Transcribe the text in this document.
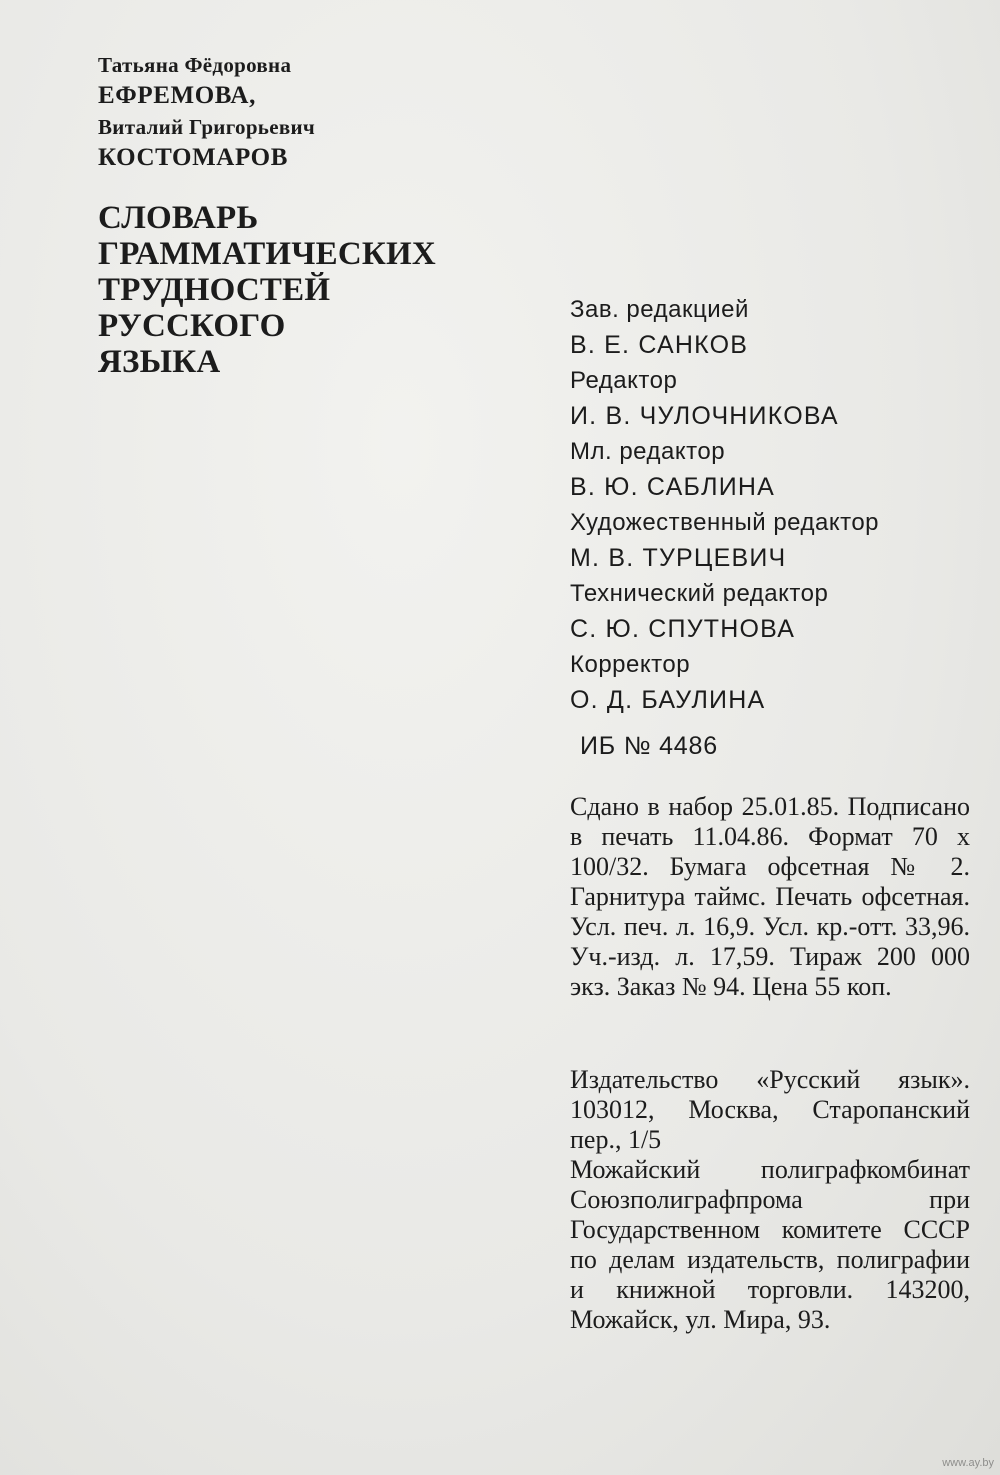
Татьяна Фёдоровна
ЕФРЕМОВА,
Виталий Григорьевич
КОСТОМАРОВ
СЛОВАРЬ
ГРАММАТИЧЕСКИХ
ТРУДНОСТЕЙ
РУССКОГО
ЯЗЫКА
Зав. редакцией
В. Е. САНКОВ
Редактор
И. В. ЧУЛОЧНИКОВА
Мл. редактор
В. Ю. САБЛИНА
Художественный редактор
М. В. ТУРЦЕВИЧ
Технический редактор
С. Ю. СПУТНОВА
Корректор
О. Д. БАУЛИНА
ИБ № 4486
Сдано в набор 25.01.85. Подписано в печать 11.04.86. Формат 70 x 100/32. Бумага офсетная № 2. Гарнитура таймс. Печать офсетная. Усл. печ. л. 16,9. Усл. кр.-отт. 33,96. Уч.-изд. л. 17,59. Тираж 200 000 экз. Заказ № 94. Цена 55 коп.
Издательство «Русский язык». 103012, Москва, Старопанский пер., 1/5
Можайский полиграфкомбинат Союзполиграфпрома при Государственном комитете СССР по делам издательств, полиграфии и книжной торговли. 143200, Можайск, ул. Мира, 93.
www.ay.by
